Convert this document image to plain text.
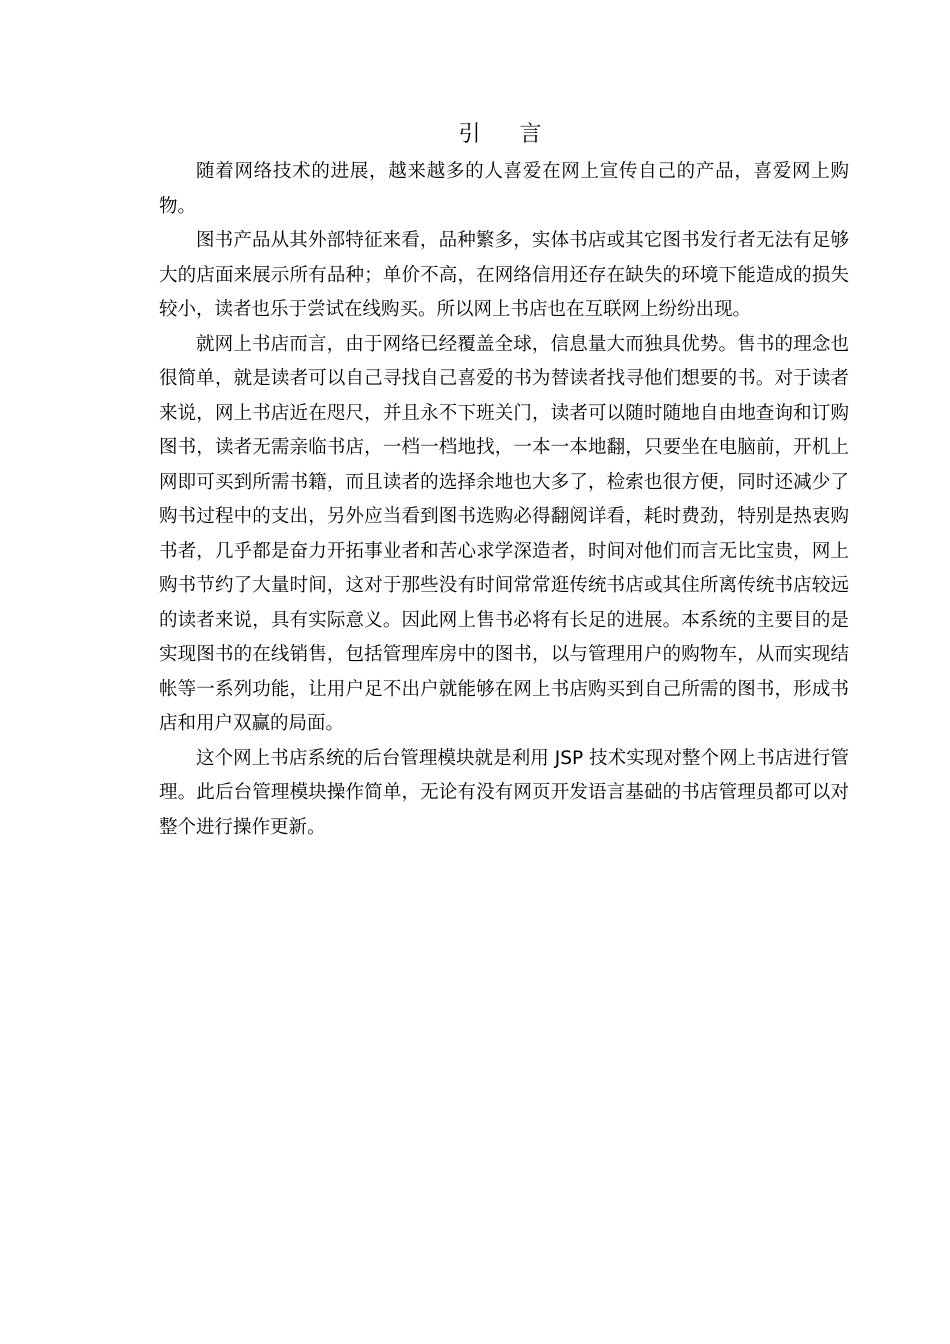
引 言

随着网络技术的进展，越来越多的人喜爱在网上宣传自己的产品，喜爱网上购物。

图书产品从其外部特征来看，品种繁多，实体书店或其它图书发行者无法有足够大的店面来展示所有品种；单价不高，在网络信用还存在缺失的环境下能造成的损失较小，读者也乐于尝试在线购买。所以网上书店也在互联网上纷纷出现。

就网上书店而言，由于网络已经覆盖全球，信息量大而独具优势。售书的理念也很简单，就是读者可以自己寻找自己喜爱的书为替读者找寻他们想要的书。对于读者来说，网上书店近在咫尺，并且永不下班关门，读者可以随时随地自由地查询和订购图书，读者无需亲临书店，一档一档地找，一本一本地翻，只要坐在电脑前，开机上网即可买到所需书籍，而且读者的选择余地也大多了，检索也很方便，同时还减少了购书过程中的支出，另外应当看到图书选购必得翻阅详看，耗时费劲，特别是热衷购书者，几乎都是奋力开拓事业者和苦心求学深造者，时间对他们而言无比宝贵，网上购书节约了大量时间，这对于那些没有时间常常逛传统书店或其住所离传统书店较远的读者来说，具有实际意义。因此网上售书必将有长足的进展。本系统的主要目的是实现图书的在线销售，包括管理库房中的图书，以与管理用户的购物车，从而实现结帐等一系列功能，让用户足不出户就能够在网上书店购买到自己所需的图书，形成书店和用户双赢的局面。

这个网上书店系统的后台管理模块就是利用 JSP 技术实现对整个网上书店进行管理。此后台管理模块操作简单，无论有没有网页开发语言基础的书店管理员都可以对整个进行操作更新。
